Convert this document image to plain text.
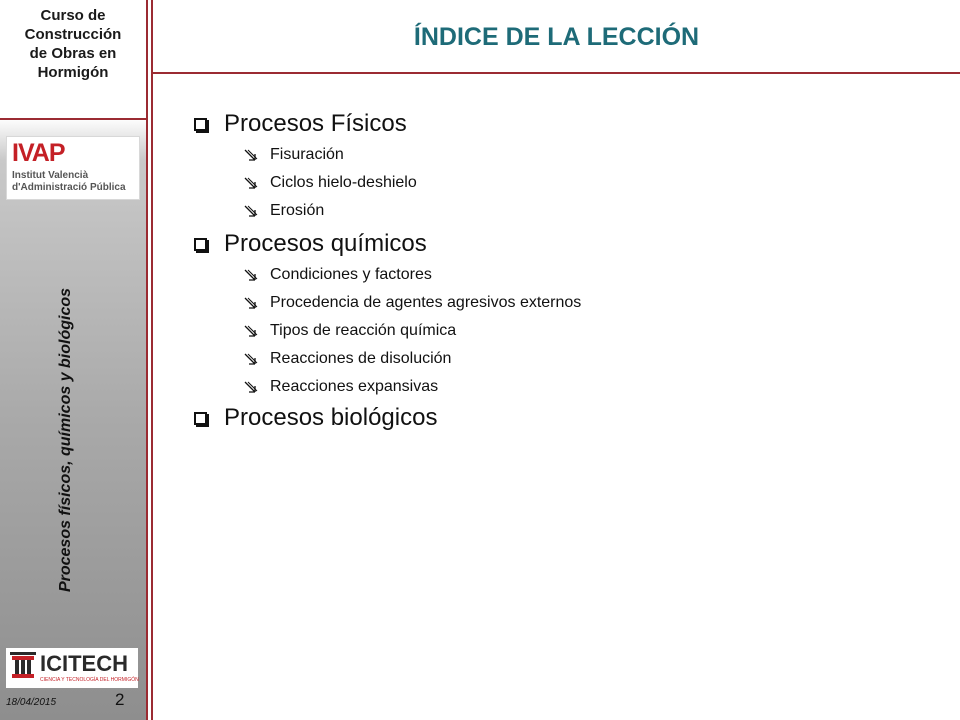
Curso de
Construcción
de Obras en
Hormigón
IVAP
Institut Valencià
d'Administració Pública
Procesos físicos, químicos y biológicos
ICITECH
CIENCIA Y TECNOLOGÍA DEL HORMIGÓN
18/04/2015	2
ÍNDICE DE LA LECCIÓN
Procesos Físicos
Fisuración
Ciclos hielo-deshielo
Erosión
Procesos químicos
Condiciones y factores
Procedencia de agentes agresivos externos
Tipos de reacción química
Reacciones de disolución
Reacciones expansivas
Procesos biológicos
